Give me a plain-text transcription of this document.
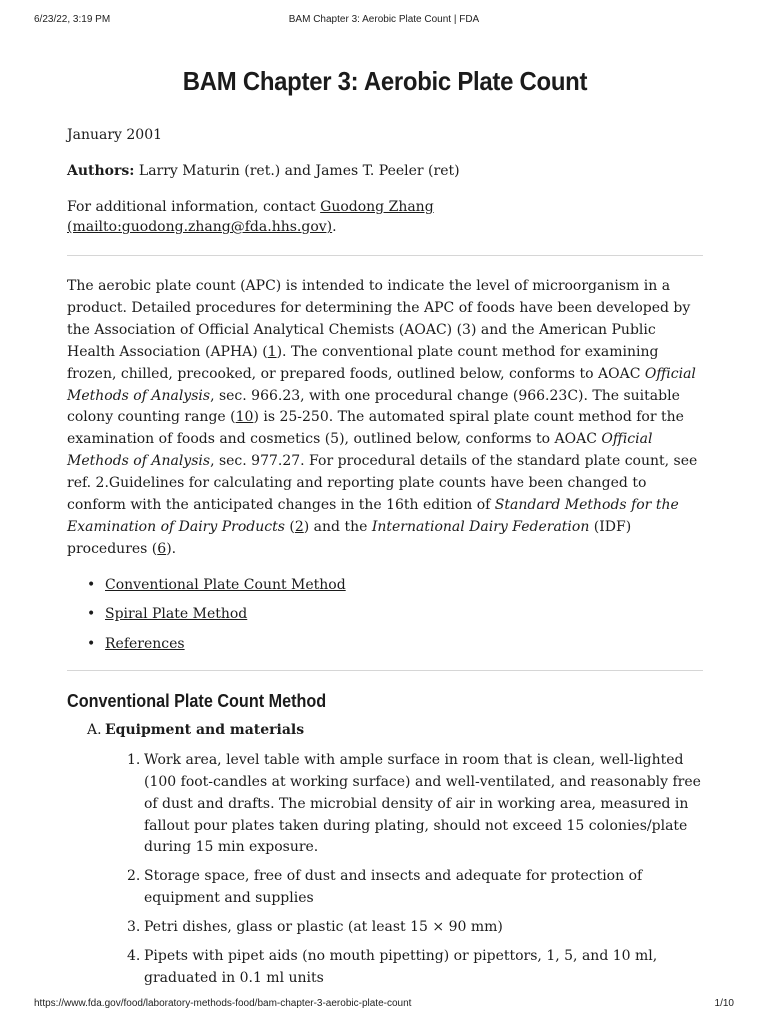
6/23/22, 3:19 PM	BAM Chapter 3: Aerobic Plate Count | FDA
BAM Chapter 3: Aerobic Plate Count

January 2001

Authors: Larry Maturin (ret.) and James T. Peeler (ret)

For additional information, contact Guodong Zhang (mailto:guodong.zhang@fda.hhs.gov).

The aerobic plate count (APC) is intended to indicate the level of microorganism in a product. Detailed procedures for determining the APC of foods have been developed by the Association of Official Analytical Chemists (AOAC) (3) and the American Public Health Association (APHA) (1). The conventional plate count method for examining frozen, chilled, precooked, or prepared foods, outlined below, conforms to AOAC Official Methods of Analysis, sec. 966.23, with one procedural change (966.23C). The suitable colony counting range (10) is 25-250. The automated spiral plate count method for the examination of foods and cosmetics (5), outlined below, conforms to AOAC Official Methods of Analysis, sec. 977.27. For procedural details of the standard plate count, see ref. 2.Guidelines for calculating and reporting plate counts have been changed to conform with the anticipated changes in the 16th edition of Standard Methods for the Examination of Dairy Products (2) and the International Dairy Federation (IDF) procedures (6).

• Conventional Plate Count Method
• Spiral Plate Method
• References
Conventional Plate Count Method

A. Equipment and materials

1. Work area, level table with ample surface in room that is clean, well-lighted (100 foot-candles at working surface) and well-ventilated, and reasonably free of dust and drafts. The microbial density of air in working area, measured in fallout pour plates taken during plating, should not exceed 15 colonies/plate during 15 min exposure.
2. Storage space, free of dust and insects and adequate for protection of equipment and supplies
3. Petri dishes, glass or plastic (at least 15 × 90 mm)
4. Pipets with pipet aids (no mouth pipetting) or pipettors, 1, 5, and 10 ml, graduated in 0.1 ml units
https://www.fda.gov/food/laboratory-methods-food/bam-chapter-3-aerobic-plate-count	1/10
